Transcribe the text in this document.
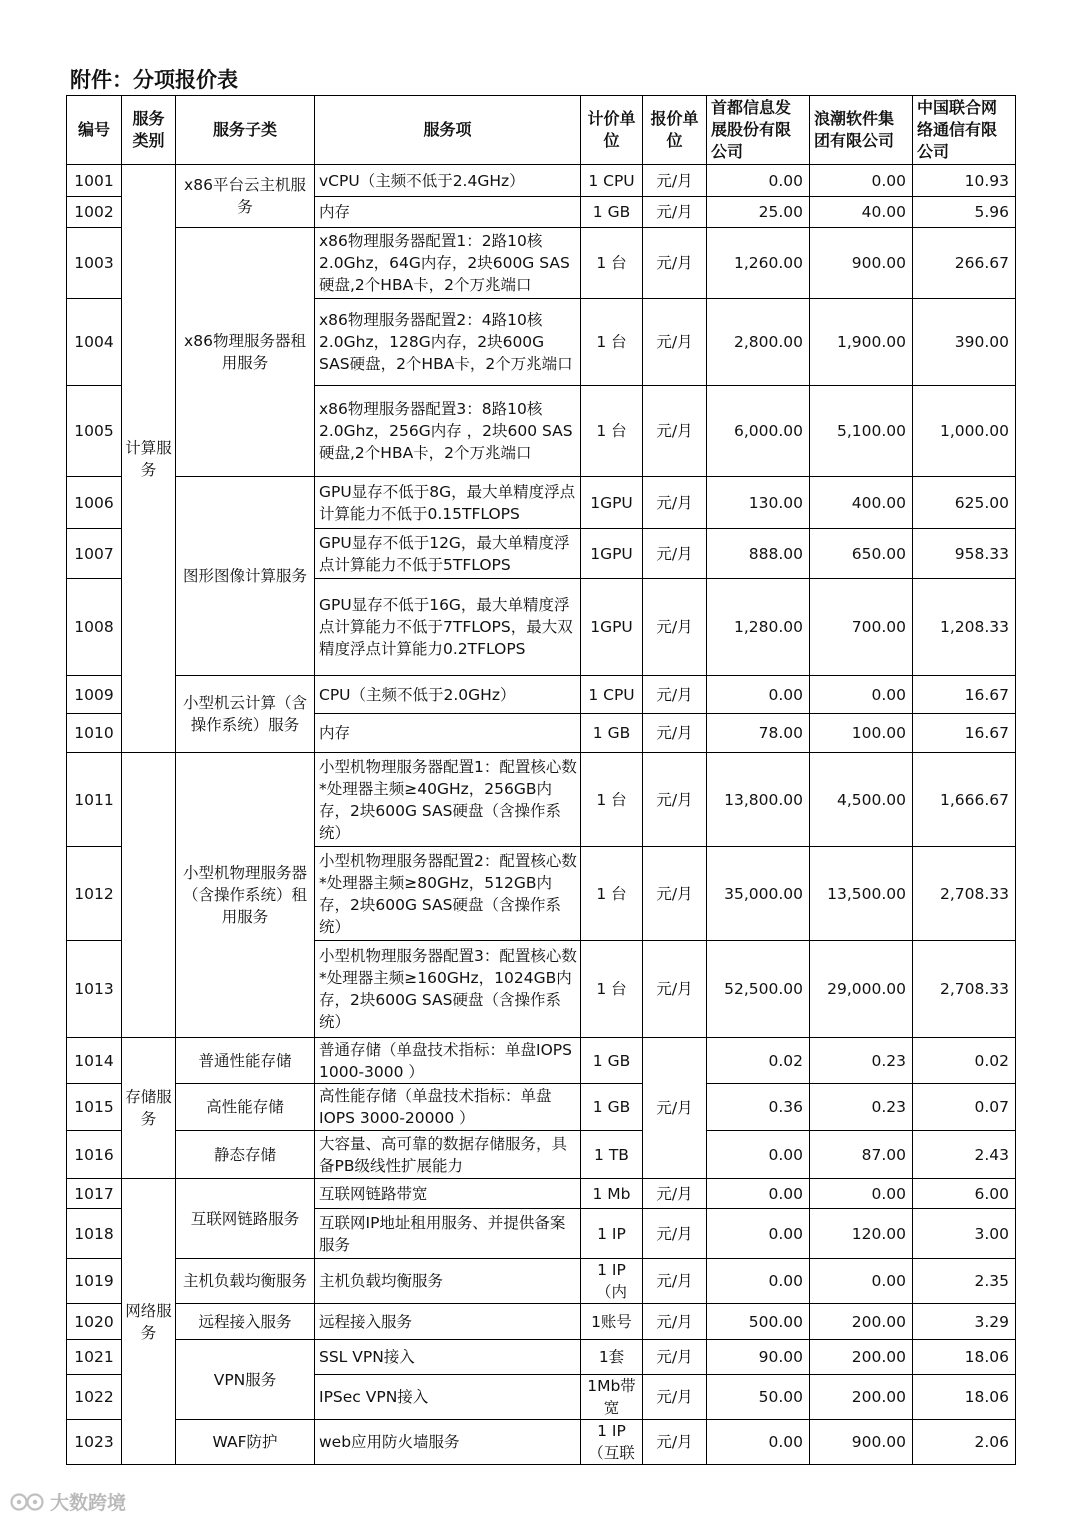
附件：分项报价表
编号	服务类别	服务子类	服务项	计价单位	报价单位	首都信息发展股份有限公司	浪潮软件集团有限公司	中国联合网络通信有限公司
1001	计算服务	x86平台云主机服务	vCPU（主频不低于2.4GHz）	1 CPU	元/月	0.00	0.00	10.93
1002			内存	1 GB	元/月	25.00	40.00	5.96
1003		x86物理服务器租用服务	x86物理服务器配置1：2路10核2.0Ghz，64G内存，2块600G SAS硬盘,2个HBA卡，2个万兆端口	1 台	元/月	1,260.00	900.00	266.67
1004			x86物理服务器配置2：4路10核2.0Ghz，128G内存，2块600G SAS硬盘，2个HBA卡，2个万兆端口	1 台	元/月	2,800.00	1,900.00	390.00
1005			x86物理服务器配置3：8路10核2.0Ghz，256G内存 ，2块600 SAS硬盘,2个HBA卡，2个万兆端口	1 台	元/月	6,000.00	5,100.00	1,000.00
1006		图形图像计算服务	GPU显存不低于8G，最大单精度浮点计算能力不低于0.15TFLOPS	1GPU	元/月	130.00	400.00	625.00
1007			GPU显存不低于12G，最大单精度浮点计算能力不低于5TFLOPS	1GPU	元/月	888.00	650.00	958.33
1008			GPU显存不低于16G，最大单精度浮点计算能力不低于7TFLOPS，最大双精度浮点计算能力0.2TFLOPS	1GPU	元/月	1,280.00	700.00	1,208.33
1009		小型机云计算（含操作系统）服务	CPU（主频不低于2.0GHz）	1 CPU	元/月	0.00	0.00	16.67
1010			内存	1 GB	元/月	78.00	100.00	16.67
1011		小型机物理服务器（含操作系统）租用服务	小型机物理服务器配置1：配置核心数*处理器主频≥40GHz，256GB内存，2块600G SAS硬盘（含操作系统）	1 台	元/月	13,800.00	4,500.00	1,666.67
1012			小型机物理服务器配置2：配置核心数*处理器主频≥80GHz，512GB内存，2块600G SAS硬盘（含操作系统）	1 台	元/月	35,000.00	13,500.00	2,708.33
1013			小型机物理服务器配置3：配置核心数*处理器主频≥160GHz，1024GB内存，2块600G SAS硬盘（含操作系统）	1 台	元/月	52,500.00	29,000.00	2,708.33
1014	存储服务	普通性能存储	普通存储（单盘技术指标：单盘IOPS 1000-3000 ）	1 GB	元/月	0.02	0.23	0.02
1015		高性能存储	高性能存储（单盘技术指标：单盘IOPS 3000-20000 ）	1 GB		0.36	0.23	0.07
1016		静态存储	大容量、高可靠的数据存储服务，具备PB级线性扩展能力	1 TB		0.00	87.00	2.43
1017	网络服务	互联网链路服务	互联网链路带宽	1 Mb	元/月	0.00	0.00	6.00
1018			互联网IP地址租用服务、并提供备案服务	1 IP	元/月	0.00	120.00	3.00
1019		主机负载均衡服务	主机负载均衡服务	1 IP（内	元/月	0.00	0.00	2.35
1020		远程接入服务	远程接入服务	1账号	元/月	500.00	200.00	3.29
1021		VPN服务	SSL VPN接入	1套	元/月	90.00	200.00	18.06
1022			IPSec VPN接入	1Mb带宽	元/月	50.00	200.00	18.06
1023		WAF防护	web应用防火墙服务	1 IP（互联	元/月	0.00	900.00	2.06
大数跨境
